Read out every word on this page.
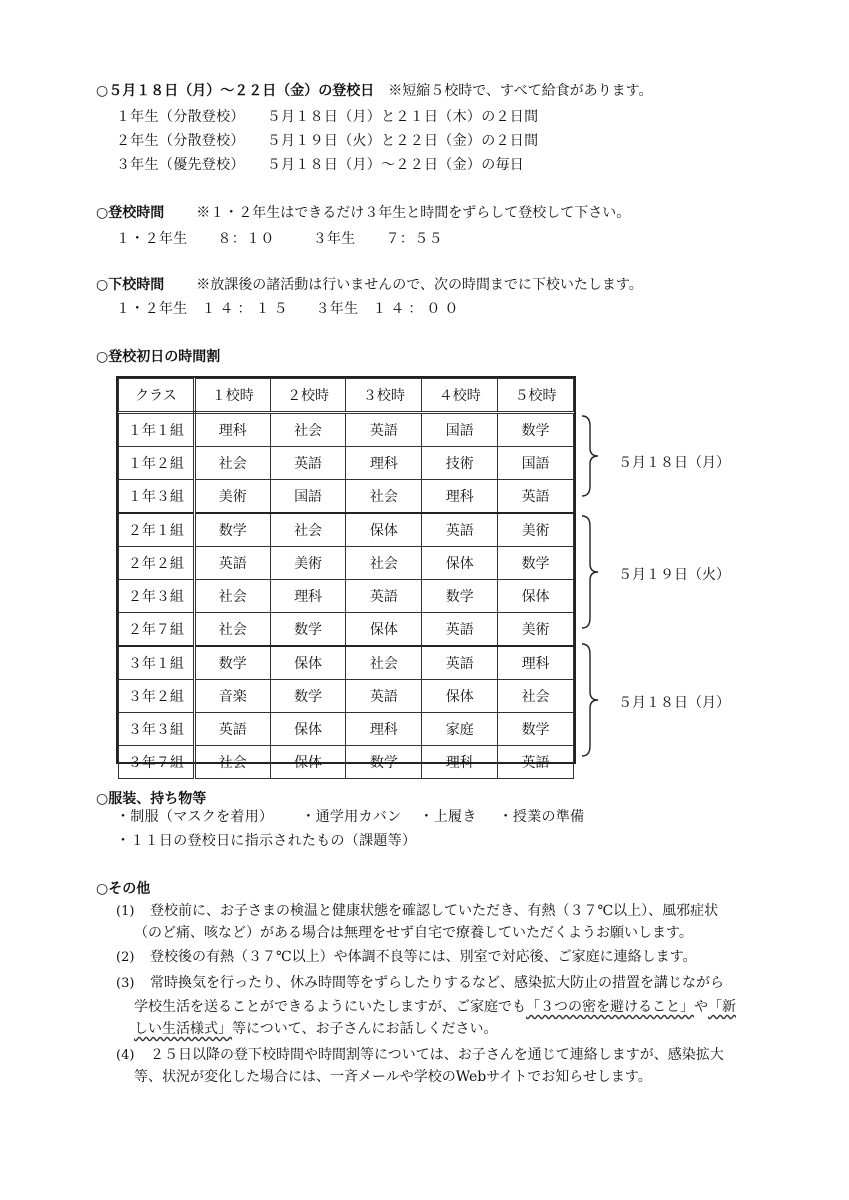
○５月１８日（月）〜２２日（金）の登校日　 ※短縮５校時で、すべて給食があります。
１年生（分散登校） ５月１８日（月）と２１日（木）の２日間
２年生（分散登校） ５月１９日（火）と２２日（金）の２日間
３年生（優先登校） ５月１８日（月）〜２２日（金）の毎日
○登校時間 ※１・２年生はできるだけ３年生と時間をずらして登校して下さい。
１・２年生 ８：１０	３年生 ７：５５
○下校時間 ※放課後の諸活動は行いませんので、次の時間までに下校いたします。
１・２年生 １４：１５ ３年生 １４：００
○登校初日の時間割
クラス	１校時	２校時	３校時	４校時	５校時
１年１組	理科	社会	英語	国語	数学
１年２組	社会	英語	理科	技術	国語
１年３組	美術	国語	社会	理科	英語
２年１組	数学	社会	保体	英語	美術
２年２組	英語	美術	社会	保体	数学
２年３組	社会	理科	英語	数学	保体
２年７組	社会	数学	保体	英語	美術
３年１組	数学	保体	社会	英語	理科
３年２組	音楽	数学	英語	保体	社会
３年３組	英語	保体	理科	家庭	数学
３年７組	社会	保体	数学	理科	英語
５月１８日（月）
５月１９日（火）
５月１８日（月）
○服装、持ち物等
・制服（マスクを着用） ・通学用カバン ・上履き ・授業の準備
・１１日の登校日に指示されたもの（課題等）
○その他
(1) 登校前に、お子さまの検温と健康状態を確認していただき、有熱（３７℃以上）、風邪症状
（のど痛、咳など）がある場合は無理をせず自宅で療養していただくようお願いします。
(2) 登校後の有熱（３７℃以上）や体調不良等には、別室で対応後、ご家庭に連絡します。
(3) 常時換気を行ったり、休み時間等をずらしたりするなど、感染拡大防止の措置を講じながら
学校生活を送ることができるようにいたしますが、ご家庭でも「３つの密を避けること」や「新
しい生活様式」等について、お子さんにお話しください。
(4) ２５日以降の登下校時間や時間割等については、お子さんを通じて連絡しますが、感染拡大
等、状況が変化した場合には、一斉メールや学校のWebサイトでお知らせします。
